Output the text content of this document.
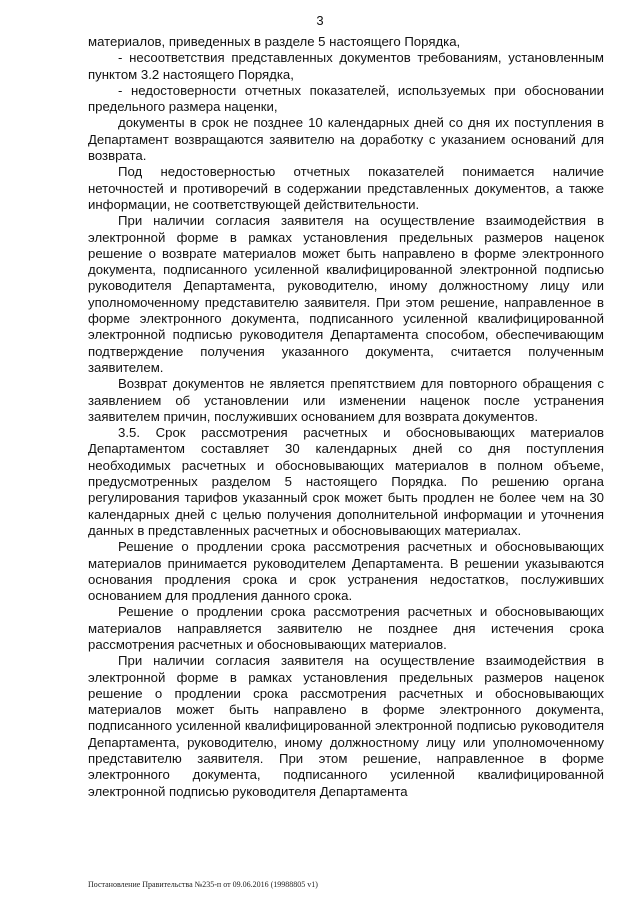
3

материалов, приведенных в разделе 5 настоящего Порядка,

- несоответствия представленных документов требованиям, установленным пунктом 3.2 настоящего Порядка,

- недостоверности отчетных показателей, используемых при обосновании предельного размера наценки,

документы в срок не позднее 10 календарных дней со дня их поступления в Департамент возвращаются заявителю на доработку с указанием оснований для возврата.

Под недостоверностью отчетных показателей понимается наличие неточностей и противоречий в содержании представленных документов, а также информации, не соответствующей действительности.

При наличии согласия заявителя на осуществление взаимодействия в электронной форме в рамках установления предельных размеров наценок решение о возврате материалов может быть направлено в форме электронного документа, подписанного усиленной квалифицированной электронной подписью руководителя Департамента, руководителю, иному должностному лицу или уполномоченному представителю заявителя. При этом решение, направленное в форме электронного документа, подписанного усиленной квалифицированной электронной подписью руководителя Департамента способом, обеспечивающим подтверждение получения указанного документа, считается полученным заявителем.

Возврат документов не является препятствием для повторного обращения с заявлением об установлении или изменении наценок после устранения заявителем причин, послуживших основанием для возврата документов.

3.5. Срок рассмотрения расчетных и обосновывающих материалов Департаментом составляет 30 календарных дней со дня поступления необходимых расчетных и обосновывающих материалов в полном объеме, предусмотренных разделом 5 настоящего Порядка. По решению органа регулирования тарифов указанный срок может быть продлен не более чем на 30 календарных дней с целью получения дополнительной информации и уточнения данных в представленных расчетных и обосновывающих материалах.

Решение о продлении срока рассмотрения расчетных и обосновывающих материалов принимается руководителем Департамента. В решении указываются основания продления срока и срок устранения недостатков, послуживших основанием для продления данного срока.

Решение о продлении срока рассмотрения расчетных и обосновывающих материалов направляется заявителю не позднее дня истечения срока рассмотрения расчетных и обосновывающих материалов.

При наличии согласия заявителя на осуществление взаимодействия в электронной форме в рамках установления предельных размеров наценок решение о продлении срока рассмотрения расчетных и обосновывающих материалов может быть направлено в форме электронного документа, подписанного усиленной квалифицированной электронной подписью руководителя Департамента, руководителю, иному должностному лицу или уполномоченному представителю заявителя. При этом решение, направленное в форме электронного документа, подписанного усиленной квалифицированной электронной подписью руководителя Департамента

Постановление Правительства №235-п от 09.06.2016 (19988805 v1)
